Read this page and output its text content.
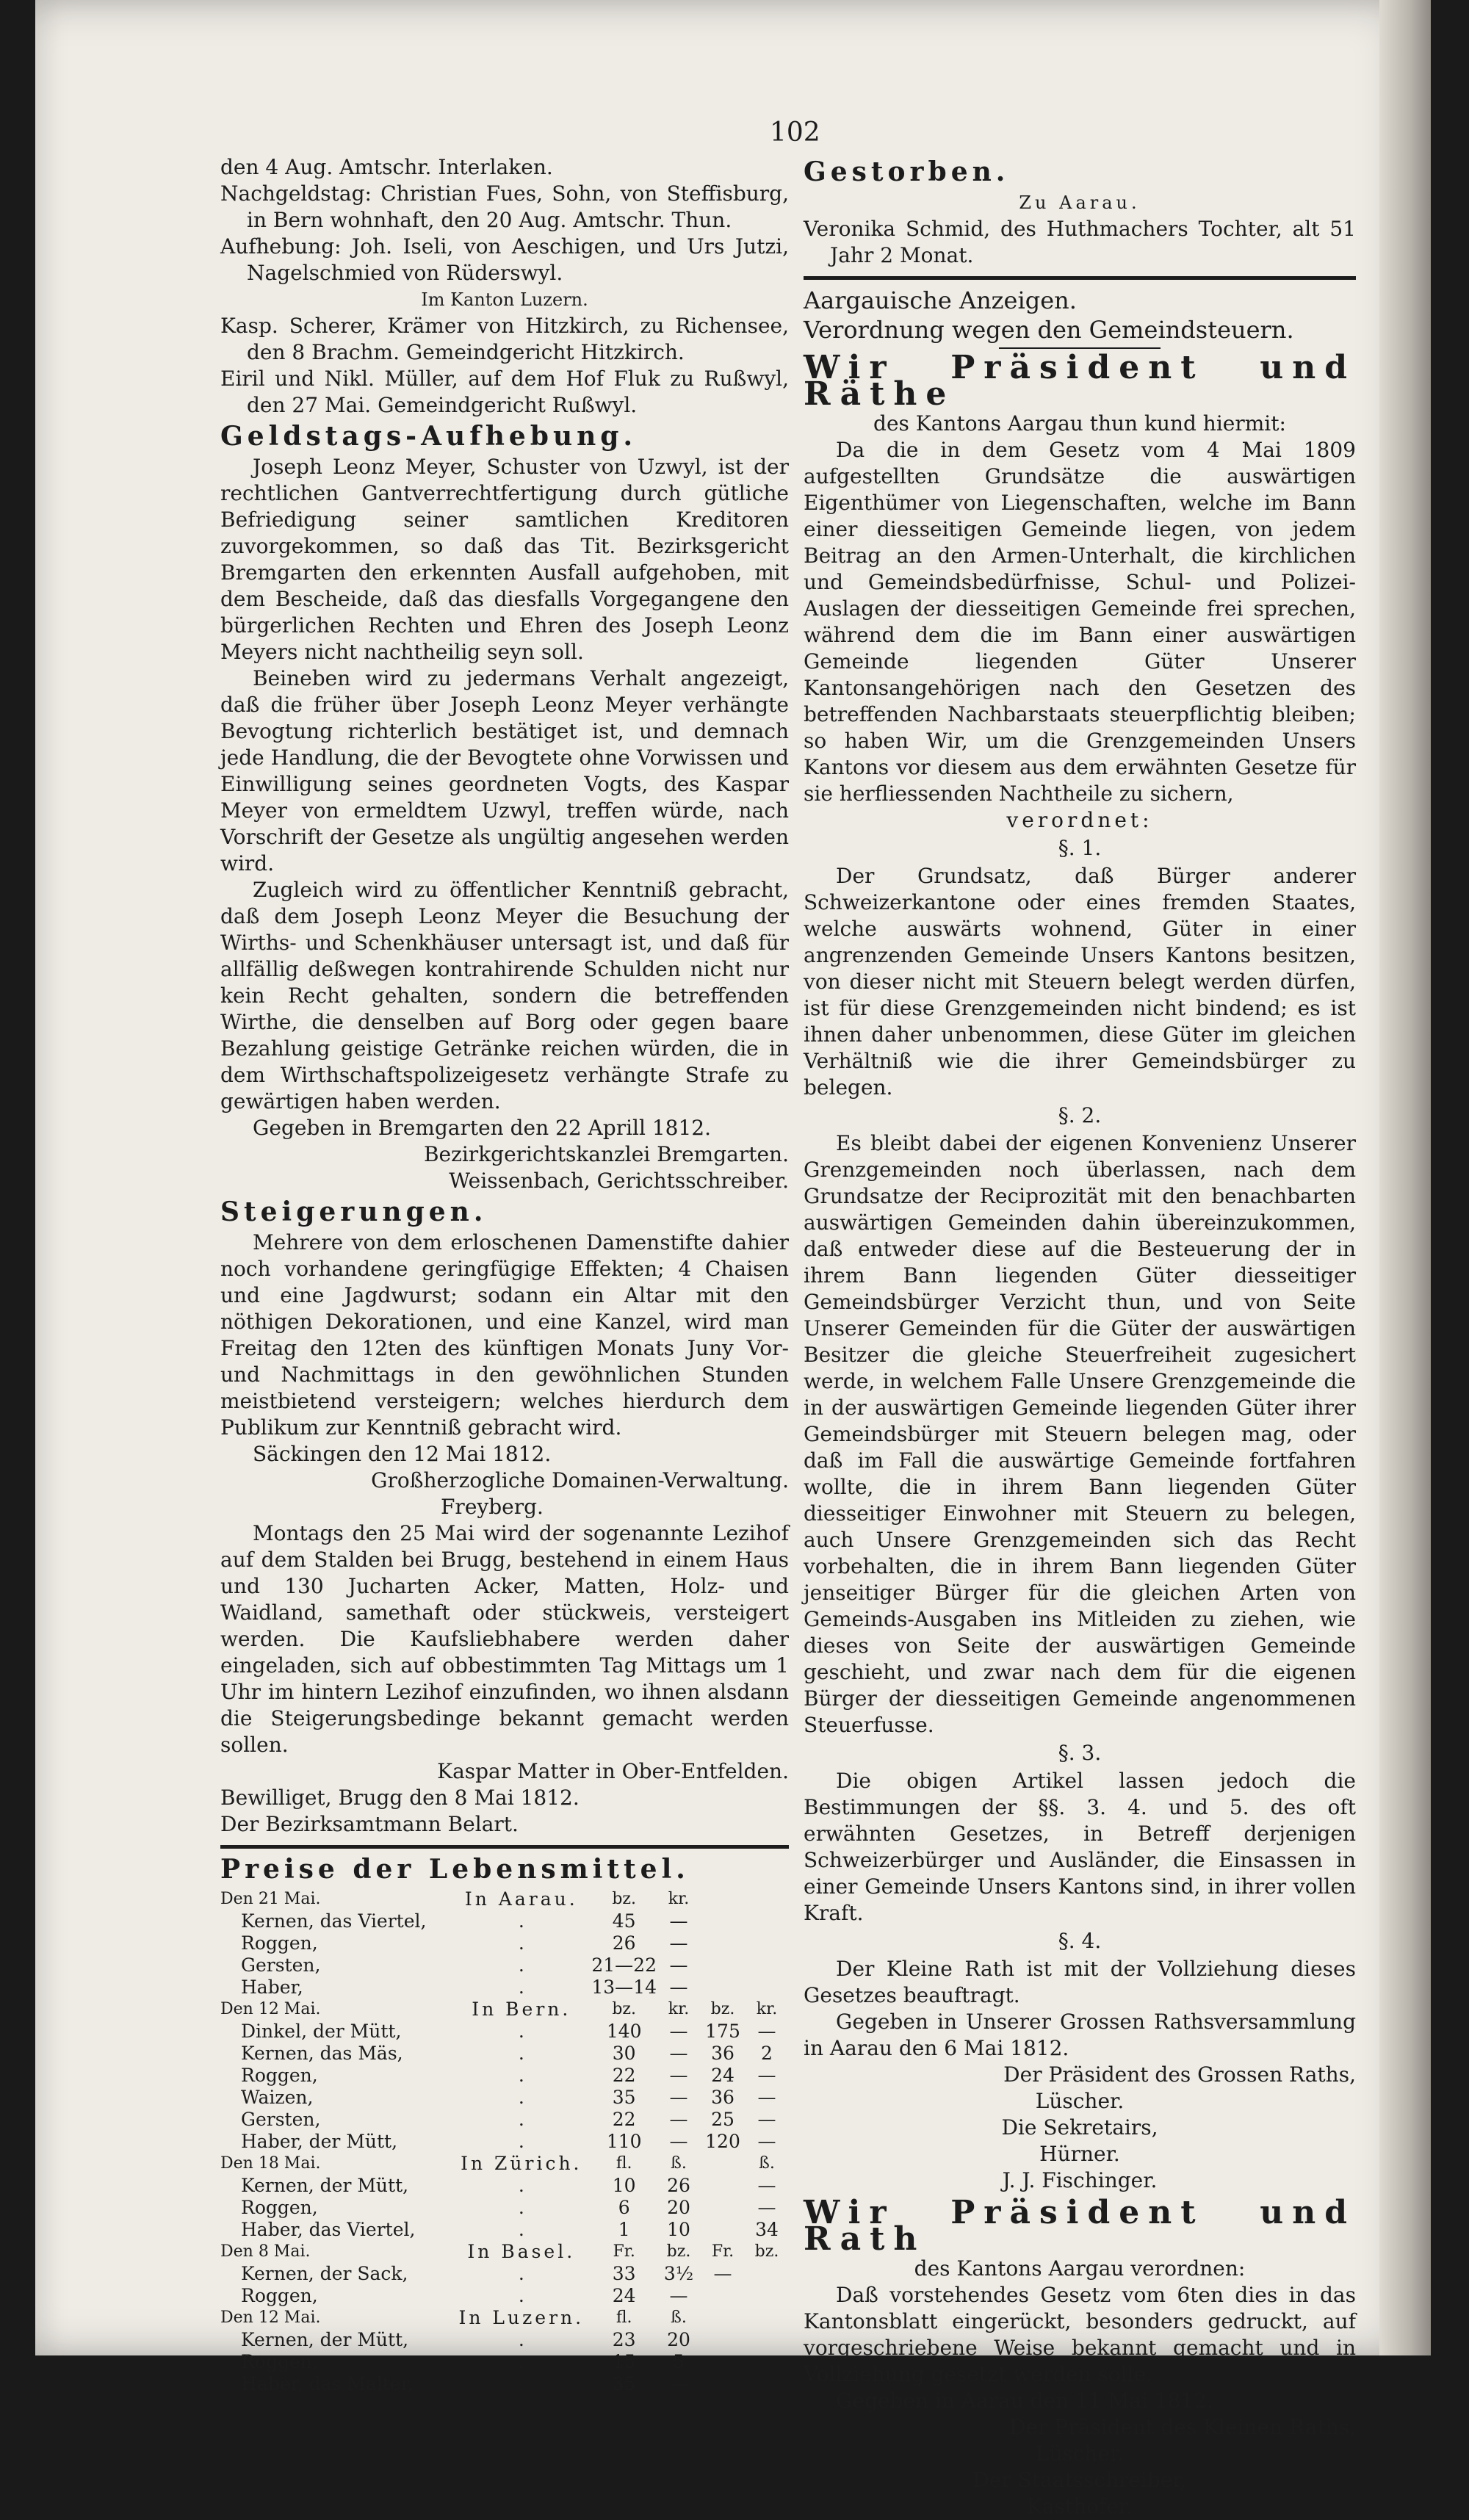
102

den 4 Aug. Amtschr. Interlaken.

Nachgeldstag: Christian Fues, Sohn, von Steffisburg, in Bern wohnhaft, den 20 Aug. Amtschr. Thun.

Aufhebung: Joh. Iseli, von Aeschigen, und Urs Jutzi, Nagelschmied von Rüderswyl.

Im Kanton Luzern.

Kasp. Scherer, Krämer von Hitzkirch, zu Richensee, den 8 Brachm. Gemeindgericht Hitzkirch.

Eiril und Nikl. Müller, auf dem Hof Fluk zu Rußwyl, den 27 Mai. Gemeindgericht Rußwyl.

Geldstags-Aufhebung.

Joseph Leonz Meyer, Schuster von Uzwyl, ist der rechtlichen Gantverrechtfertigung durch gütliche Befriedigung seiner samtlichen Kreditoren zuvorgekommen, so daß das Tit. Bezirksgericht Bremgarten den erkennten Ausfall aufgehoben, mit dem Bescheide, daß das diesfalls Vorgegangene den bürgerlichen Rechten und Ehren des Joseph Leonz Meyers nicht nachtheilig seyn soll.

Beineben wird zu jedermans Verhalt angezeigt, daß die früher über Joseph Leonz Meyer verhängte Bevogtung richterlich bestätiget ist, und demnach jede Handlung, die der Bevogtete ohne Vorwissen und Einwilligung seines geordneten Vogts, des Kaspar Meyer von ermeldtem Uzwyl, treffen würde, nach Vorschrift der Gesetze als ungültig angesehen werden wird.

Zugleich wird zu öffentlicher Kenntniß gebracht, daß dem Joseph Leonz Meyer die Besuchung der Wirths- und Schenkhäuser untersagt ist, und daß für allfällig deßwegen kontrahirende Schulden nicht nur kein Recht gehalten, sondern die betreffenden Wirthe, die denselben auf Borg oder gegen baare Bezahlung geistige Getränke reichen würden, die in dem Wirthschaftspolizeigesetz verhängte Strafe zu gewärtigen haben werden.

Gegeben in Bremgarten den 22 Aprill 1812.

Bezirkgerichtskanzlei Bremgarten.

Weissenbach, Gerichtsschreiber.

Steigerungen.

Mehrere von dem erloschenen Damenstifte dahier noch vorhandene geringfügige Effekten; 4 Chaisen und eine Jagdwurst; sodann ein Altar mit den nöthigen Dekorationen, und eine Kanzel, wird man Freitag den 12ten des künftigen Monats Juny Vor- und Nachmittags in den gewöhnlichen Stunden meistbietend versteigern; welches hierdurch dem Publikum zur Kenntniß gebracht wird.

Säckingen den 12 Mai 1812.

Großherzogliche Domainen-Verwaltung.

Freyberg.

Montags den 25 Mai wird der sogenannte Lezihof auf dem Stalden bei Brugg, bestehend in einem Haus und 130 Jucharten Acker, Matten, Holz- und Waidland, samethaft oder stückweis, versteigert werden. Die Kaufsliebhabere werden daher eingeladen, sich auf obbestimmten Tag Mittags um 1 Uhr im hintern Lezihof einzufinden, wo ihnen alsdann die Steigerungsbedinge bekannt gemacht werden sollen.

Kaspar Matter in Ober-Entfelden.

Bewilliget, Brugg den 8 Mai 1812.

Der Bezirksamtmann Belart.

Preise der Lebensmittel.

Den 21 Mai.	In Aarau.	bz.	kr.		
Kernen, das Viertel,	.	45	—		
Roggen,	.	26	—		
Gersten,	.	21—22	—		
Haber,	.	13—14	—		
Den 12 Mai.	In Bern.	bz.	kr.	bz.	kr.
Dinkel, der Mütt,	.	140	—	175	—
Kernen, das Mäs,	.	30	—	36	2
Roggen,	.	22	—	24	—
Waizen,	.	35	—	36	—
Gersten,	.	22	—	25	—
Haber, der Mütt,	.	110	—	120	—
Den 18 Mai.	In Zürich.	fl.	ß.		ß.
Kernen, der Mütt,	.	10	26		—
Roggen,	.	6	20		—
Haber, das Viertel,	.	1	10		34
Den 8 Mai.	In Basel.	Fr.	bz.	Fr.	bz.
Kernen, der Sack,	.	33	3½	—	
Roggen,	.	24	—		
Den 12 Mai.	In Luzern.	fl.	ß.		
Kernen, der Mütt,	.	23	20		
Roggen,	.	15	5		
Haber, das Malter,	.	35	—		

Gestorben.

Zu Aarau.

Veronika Schmid, des Huthmachers Tochter, alt 51 Jahr 2 Monat.

Aargauische Anzeigen.

Verordnung wegen den Gemeindsteuern.

Wir Präsident und Räthe

des Kantons Aargau thun kund hiermit:

Da die in dem Gesetz vom 4 Mai 1809 aufgestellten Grundsätze die auswärtigen Eigenthümer von Liegenschaften, welche im Bann einer diesseitigen Gemeinde liegen, von jedem Beitrag an den Armen-Unterhalt, die kirchlichen und Gemeindsbedürfnisse, Schul- und Polizei-Auslagen der diesseitigen Gemeinde frei sprechen, während dem die im Bann einer auswärtigen Gemeinde liegenden Güter Unserer Kantonsangehörigen nach den Gesetzen des betreffenden Nachbarstaats steuerpflichtig bleiben; so haben Wir, um die Grenzgemeinden Unsers Kantons vor diesem aus dem erwähnten Gesetze für sie herfliessenden Nachtheile zu sichern,

verordnet:

§. 1.

Der Grundsatz, daß Bürger anderer Schweizerkantone oder eines fremden Staates, welche auswärts wohnend, Güter in einer angrenzenden Gemeinde Unsers Kantons besitzen, von dieser nicht mit Steuern belegt werden dürfen, ist für diese Grenzgemeinden nicht bindend; es ist ihnen daher unbenommen, diese Güter im gleichen Verhältniß wie die ihrer Gemeindsbürger zu belegen.

§. 2.

Es bleibt dabei der eigenen Konvenienz Unserer Grenzgemeinden noch überlassen, nach dem Grundsatze der Reciprozität mit den benachbarten auswärtigen Gemeinden dahin übereinzukommen, daß entweder diese auf die Besteuerung der in ihrem Bann liegenden Güter diesseitiger Gemeindsbürger Verzicht thun, und von Seite Unserer Gemeinden für die Güter der auswärtigen Besitzer die gleiche Steuerfreiheit zugesichert werde, in welchem Falle Unsere Grenzgemeinde die in der auswärtigen Gemeinde liegenden Güter ihrer Gemeindsbürger mit Steuern belegen mag, oder daß im Fall die auswärtige Gemeinde fortfahren wollte, die in ihrem Bann liegenden Güter diesseitiger Einwohner mit Steuern zu belegen, auch Unsere Grenzgemeinden sich das Recht vorbehalten, die in ihrem Bann liegenden Güter jenseitiger Bürger für die gleichen Arten von Gemeinds-Ausgaben ins Mitleiden zu ziehen, wie dieses von Seite der auswärtigen Gemeinde geschieht, und zwar nach dem für die eigenen Bürger der diesseitigen Gemeinde angenommenen Steuerfusse.

§. 3.

Die obigen Artikel lassen jedoch die Bestimmungen der §§. 3. 4. und 5. des oft erwähnten Gesetzes, in Betreff derjenigen Schweizerbürger und Ausländer, die Einsassen in einer Gemeinde Unsers Kantons sind, in ihrer vollen Kraft.

§. 4.

Der Kleine Rath ist mit der Vollziehung dieses Gesetzes beauftragt.

Gegeben in Unserer Grossen Rathsversammlung in Aarau den 6 Mai 1812.

Der Präsident des Grossen Raths,

Lüscher.

Die Sekretairs,

Hürner.

J. J. Fischinger.

Wir Präsident und Rath

des Kantons Aargau verordnen:

Daß vorstehendes Gesetz vom 6ten dies in das Kantonsblatt eingerückt, besonders gedruckt, auf vorgeschriebene Weise bekannt gemacht und in Vollziehung gesetzt werden solle.

Gegeben in Aarau den 11 Mai 1812.

Der Präsident des Kleinen Raths,

Lüscher.

Der Staatsschreiber,

Kasthofer.
